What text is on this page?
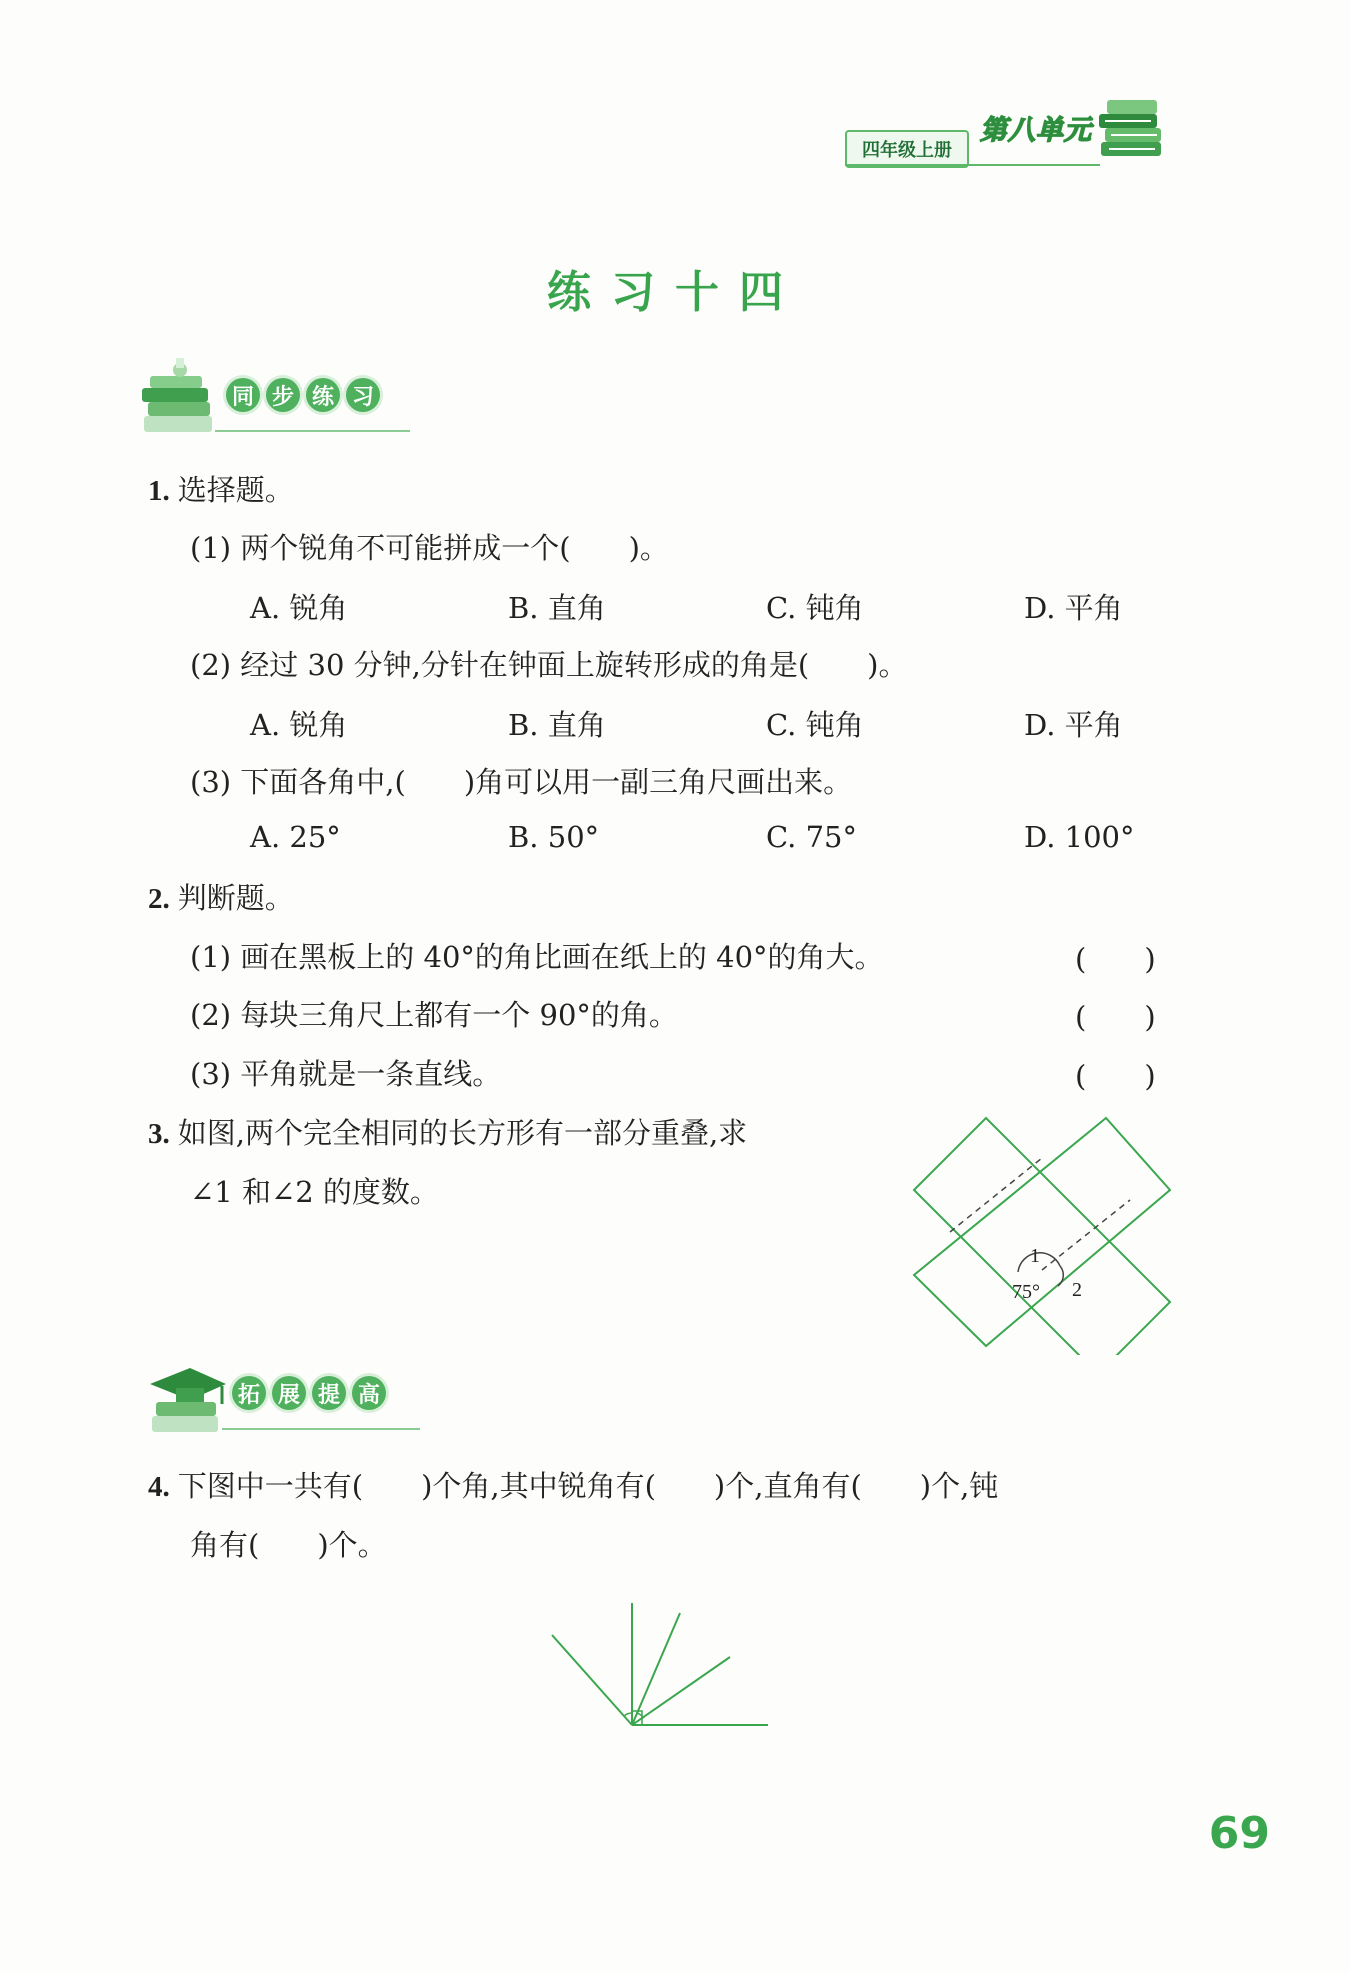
四年级上册
第八单元
练习十四
同 步 练 习
1. 选择题。
(1) 两个锐角不可能拼成一个(　　)。
A. 锐角	B. 直角	C. 钝角	D. 平角
(2) 经过 30 分钟,分针在钟面上旋转形成的角是(　　)。
A. 锐角	B. 直角	C. 钝角	D. 平角
(3) 下面各角中,(　　)角可以用一副三角尺画出来。
A. 25°	B. 50°	C. 75°	D. 100°
2. 判断题。
(1) 画在黑板上的 40°的角比画在纸上的 40°的角大。	(　　)
(2) 每块三角尺上都有一个 90°的角。	(　　)
(3) 平角就是一条直线。	(　　)
3. 如图,两个完全相同的长方形有一部分重叠,求
∠1 和∠2 的度数。
75°
1
2
拓 展 提 高
4. 下图中一共有(　　)个角,其中锐角有(　　)个,直角有(　　)个,钝
角有(　　)个。
69
